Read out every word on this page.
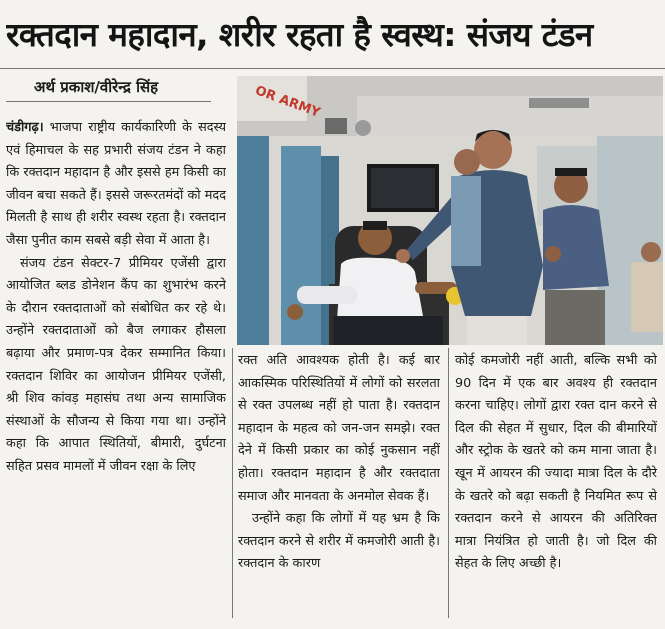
रक्तदान महादान, शरीर रहता है स्वस्थ: संजय टंडन
अर्थ प्रकाश/वीरेन्द्र सिंह

चंडीगढ़। भाजपा राष्ट्रीय कार्यकारिणी के सदस्य एवं हिमाचल के सह प्रभारी संजय टंडन ने कहा कि रक्तदान महादान है और इससे हम किसी का जीवन बचा सकते हैं। इससे जरूरतमंदों को मदद मिलती है साथ ही शरीर स्वस्थ रहता है। रक्तदान जैसा पुनीत काम सबसे बड़ी सेवा में आता है।

संजय टंडन सेक्टर-7 प्रीमियर एजेंसी द्वारा आयोजित ब्लड डोनेशन कैंप का शुभारंभ करने के दौरान रक्तदाताओं को संबोधित कर रहे थे। उन्होंने रक्तदाताओं को बैज लगाकर हौसला बढ़ाया और प्रमाण-पत्र देकर सम्मानित किया। रक्तदान शिविर का आयोजन प्रीमियर एजेंसी, श्री शिव कांवड़ महासंघ तथा अन्य सामाजिक संस्थाओं के सौजन्य से किया गया था। उन्होंने कहा कि आपात स्थितियों, बीमारी, दुर्घटना सहित प्रसव मामलों में जीवन रक्षा के लिए

OR ARMY

रक्त अति आवश्यक होती है। कई बार आकस्मिक परिस्थितियों में लोगों को सरलता से रक्त उपलब्ध नहीं हो पाता है। रक्तदान महादान के महत्व को जन-जन समझे। रक्त देने में किसी प्रकार का कोई नुकसान नहीं होता। रक्तदान महादान है और रक्तदाता समाज और मानवता के अनमोल सेवक हैं।

उन्होंने कहा कि लोगों में यह भ्रम है कि रक्तदान करने से शरीर में कमजोरी आती है। रक्तदान के कारण

कोई कमजोरी नहीं आती, बल्कि सभी को 90 दिन में एक बार अवश्य ही रक्तदान करना चाहिए। लोगों द्वारा रक्त दान करने से दिल की सेहत में सुधार, दिल की बीमारियों और स्ट्रोक के खतरे को कम माना जाता है। खून में आयरन की ज्यादा मात्रा दिल के दौरे के खतरे को बढ़ा सकती है नियमित रूप से रक्तदान करने से आयरन की अतिरिक्त मात्रा नियंत्रित हो जाती है। जो दिल की सेहत के लिए अच्छी है।
